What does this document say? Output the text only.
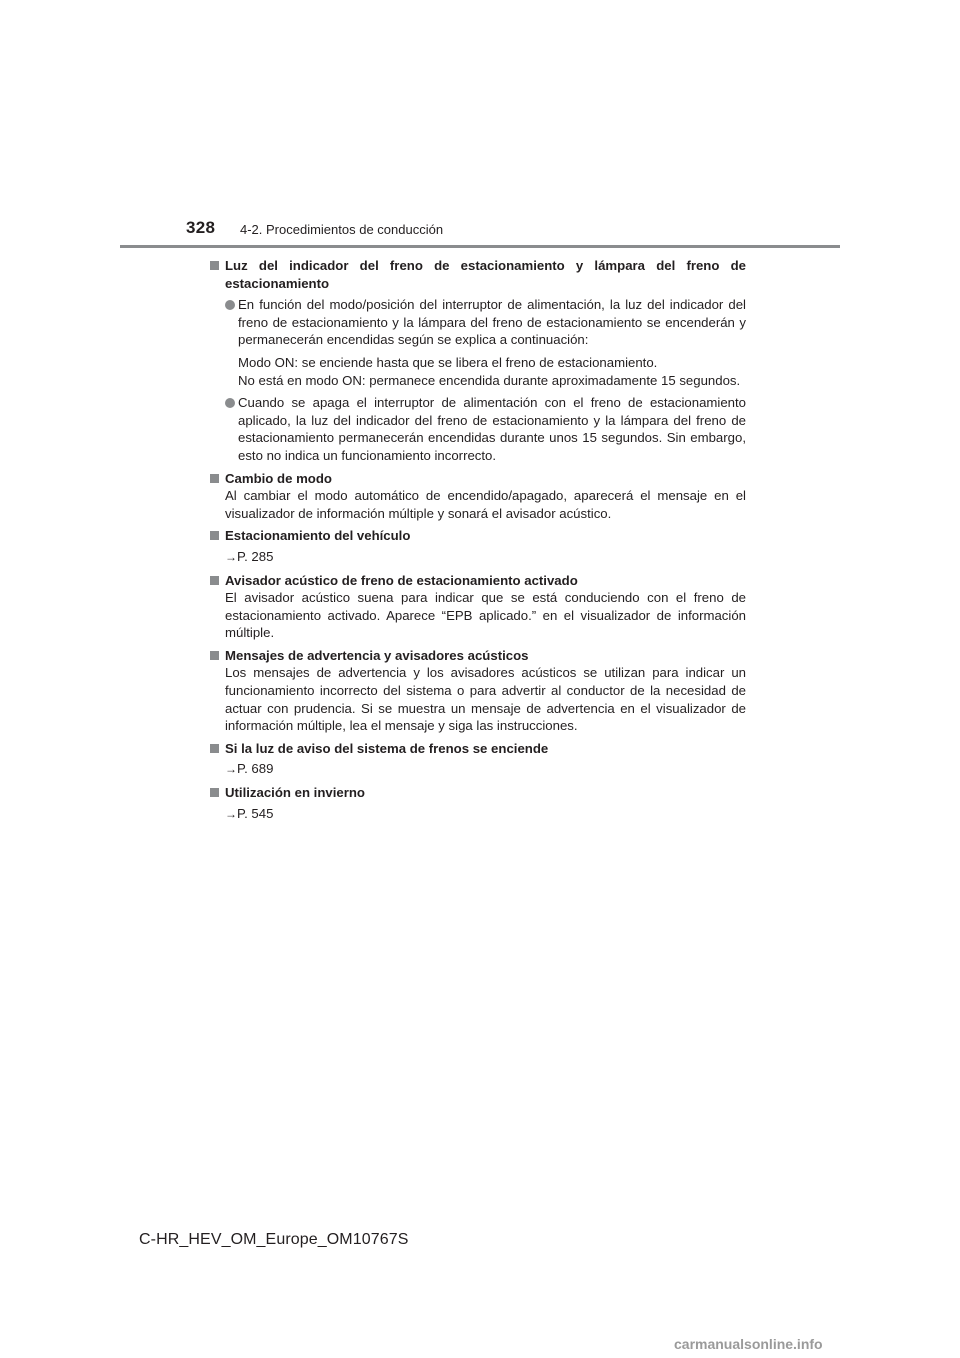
328 4-2. Procedimientos de conducción
Luz del indicador del freno de estacionamiento y lámpara del freno de estacionamiento
En función del modo/posición del interruptor de alimentación, la luz del indicador del freno de estacionamiento y la lámpara del freno de estacionamiento se encenderán y permanecerán encendidas según se explica a continuación:
Modo ON: se enciende hasta que se libera el freno de estacionamiento.
No está en modo ON: permanece encendida durante aproximadamente 15 segundos.
Cuando se apaga el interruptor de alimentación con el freno de estacionamiento aplicado, la luz del indicador del freno de estacionamiento y la lámpara del freno de estacionamiento permanecerán encendidas durante unos 15 segundos. Sin embargo, esto no indica un funcionamiento incorrecto.
Cambio de modo
Al cambiar el modo automático de encendido/apagado, aparecerá el mensaje en el visualizador de información múltiple y sonará el avisador acústico.
Estacionamiento del vehículo
→P. 285
Avisador acústico de freno de estacionamiento activado
El avisador acústico suena para indicar que se está conduciendo con el freno de estacionamiento activado. Aparece “EPB aplicado.” en el visualizador de información múltiple.
Mensajes de advertencia y avisadores acústicos
Los mensajes de advertencia y los avisadores acústicos se utilizan para indicar un funcionamiento incorrecto del sistema o para advertir al conductor de la necesidad de actuar con prudencia. Si se muestra un mensaje de advertencia en el visualizador de información múltiple, lea el mensaje y siga las instrucciones.
Si la luz de aviso del sistema de frenos se enciende
→P. 689
Utilización en invierno
→P. 545
C-HR_HEV_OM_Europe_OM10767S
carmanualsonline.info
